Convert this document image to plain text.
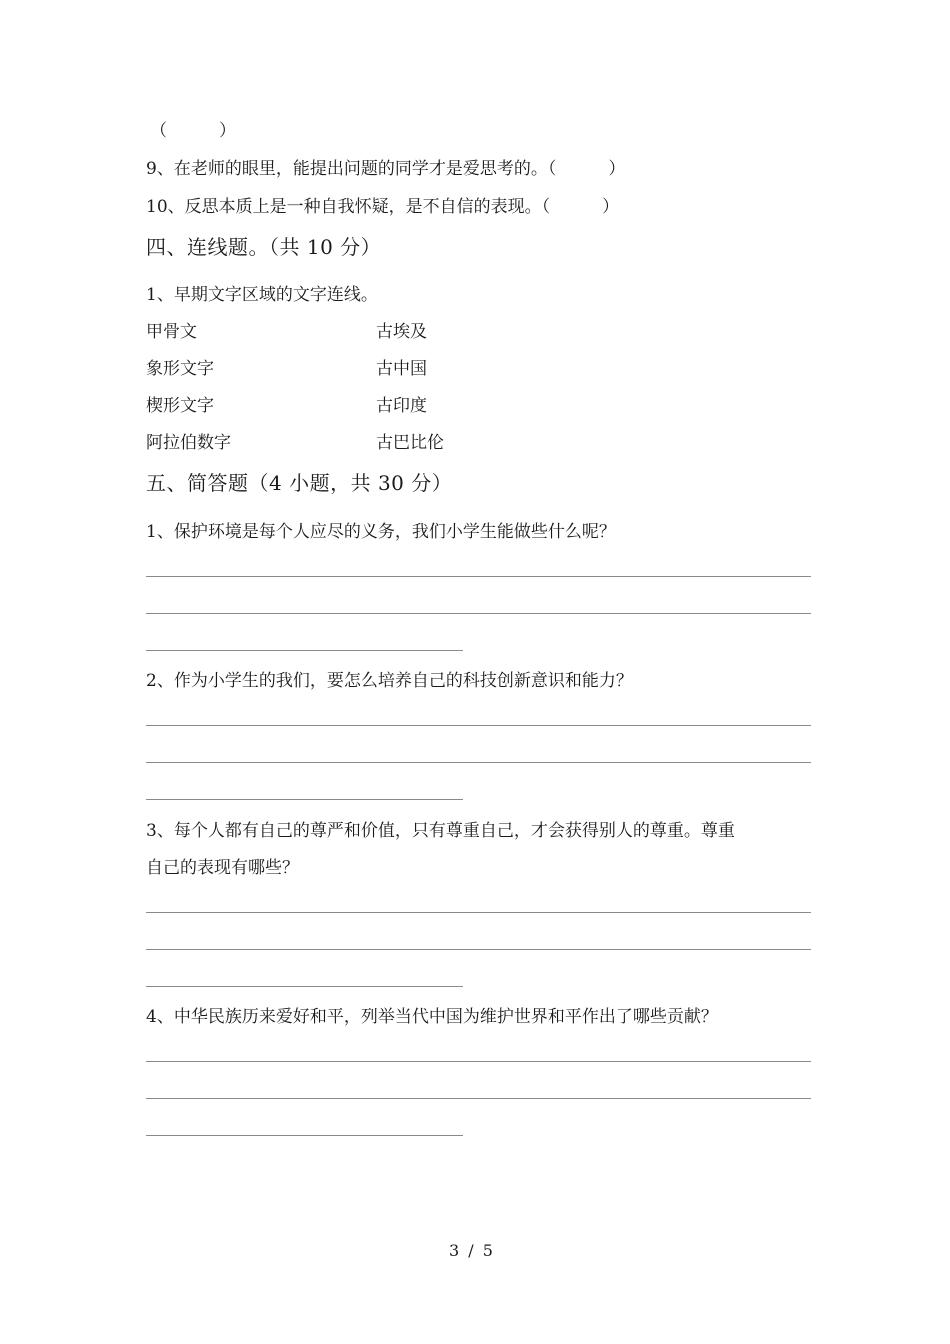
（	）
9、在老师的眼里，能提出问题的同学才是爱思考的。（	）
10、反思本质上是一种自我怀疑，是不自信的表现。（	）
四、连线题。（共 10 分）
1、早期文字区域的文字连线。
甲骨文	古埃及
象形文字	古中国
楔形文字	古印度
阿拉伯数字	古巴比伦
五、简答题（4 小题，共 30 分）
1、保护环境是每个人应尽的义务，我们小学生能做些什么呢？
2、作为小学生的我们，要怎么培养自己的科技创新意识和能力？
3、每个人都有自己的尊严和价值，只有尊重自己，才会获得别人的尊重。尊重
自己的表现有哪些？
4、中华民族历来爱好和平，列举当代中国为维护世界和平作出了哪些贡献？
3 / 5
